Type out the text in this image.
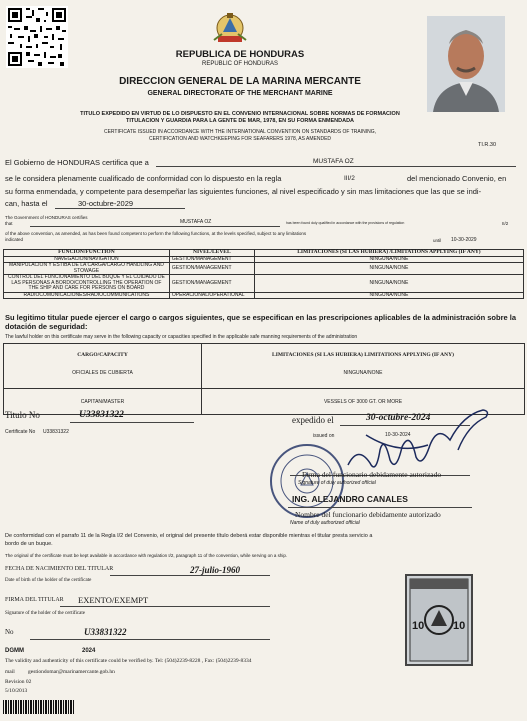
REPUBLICA DE HONDURAS
REPUBLIC OF HONDURAS
DIRECCION GENERAL DE LA MARINA MERCANTE
GENERAL DIRECTORATE OF THE MERCHANT MARINE
TITULO EXPEDIDO EN VIRTUD DE LO DISPUESTO EN EL CONVENIO INTERNACIONAL SOBRE NORMAS DE FORMACION
TITULACION Y GUARDIA PARA LA GENTE DE MAR, 1978, EN SU FORMA ENMENDADA
CERTIFICATE ISSUED IN ACCORDANCE WITH THE INTERNATIONAL CONVENTION ON STANDARDS OF TRAINING,
CERTIFICATION AND WATCHKEEPING FOR SEAFARERS 1978, AS AMENDED
TI.R.30
El Gobierno de HONDURAS certifica que a	MUSTAFA OZ
se le considera plenamente cualificado de conformidad con lo dispuesto en la regla	III/2	del mencionado Convenio, en
su forma enmendada, y competente para desempeñar las siguientes funciones, al nivel especificado y sin mas limitaciones que las que se indi-
can, hasta el	30-octubre-2029
The Government of HONDURAS certifies
that	MUSTAFA OZ	has been found duly qualified in accordance with the provisions of regulation	II/2
of the above convention, as amended, as has been found competent to perform the following functions, at the levels specified, subject to any limitations
indicated	until 10-30-2029
FUNCION/FUNCTION	NIVEL/LEVEL	LIMITACIONES (SI LAS HUBIERA) /LIMITATIONS APPLYING (IF ANY)
NAVEGACION/NAVIGATION	GESTION/MANAGEMENT	NINGUNA/NONE
MANIPULACION Y ESTIBA DE LA CARGA/CARGO HANDLING AND STOWAGE	GESTION/MANAGEMENT	NINGUNA/NONE
CONTROL DEL FUNCIONAMIENTO DEL BUQUE Y EL CUIDADO DE LAS PERSONAS A BORDO/CONTROLLING THE OPERATION OF THE SHIP AND CARE FOR PERSONS ON BOARD	GESTION/MANAGEMENT	NINGUNA/NONE
RADIOCOMUNICACIONES/RADIOCOMMUNICATIONS	OPERACIONAL/OPERATIONAL	NINGUNA/NONE
Su legitimo titular puede ejercer el cargo o cargos siguientes, que se especifican en las prescripciones aplicables de la administración sobre la dotación de seguridad:
The lawful holder on this certificate may serve in the following capacity or capacities specified in the applicable safe manning requirements of the administration
CARGO/CAPACITY	LIMITACIONES (SI LAS HUBIERA) LIMITATIONS APPLYING (IF ANY)
OFICIALES DE CUBIERTA	NINGUNA/NONE
CAPITAN/MASTER	VESSELS OF 3000 GT. OR MORE
Titulo No	U33831322
Certificate No U33831322
expedido el	30-octubre-2024
issued on	10-30-2024
Firma del funcionario debidamente autorizado
Signature of duly authorized official
ING. ALEJANDRO CANALES
Nombre del funcionario debidamente autorizado
Name of duly authorized official
De conformidad con el parrafo 11 de la Regla I/2 del Convenio, el original del presente título deberá estar disponible mientras el titular presta servicio a
bordo de un buque.
The original of the certificate must be kept available in accordance with regulation I/2, paragraph 11 of the convention, while serving on a ship.
FECHA DE NACIMIENTO DEL TITULAR	27-julio-1960
Date of birth of the holder of the certificate
FIRMA DEL TITULAR EXENTO/EXEMPT
Signature of the holder of the certificate
No	U33831322
DGMM	2024
The validity and authenticity of this certificate could be verified by. Tel: (504)2239-8228 , Fax: (504)2239-8334
mail gestiondomar@marinamercante.gob.hn
Revision 02
5/10/2013
10	10
